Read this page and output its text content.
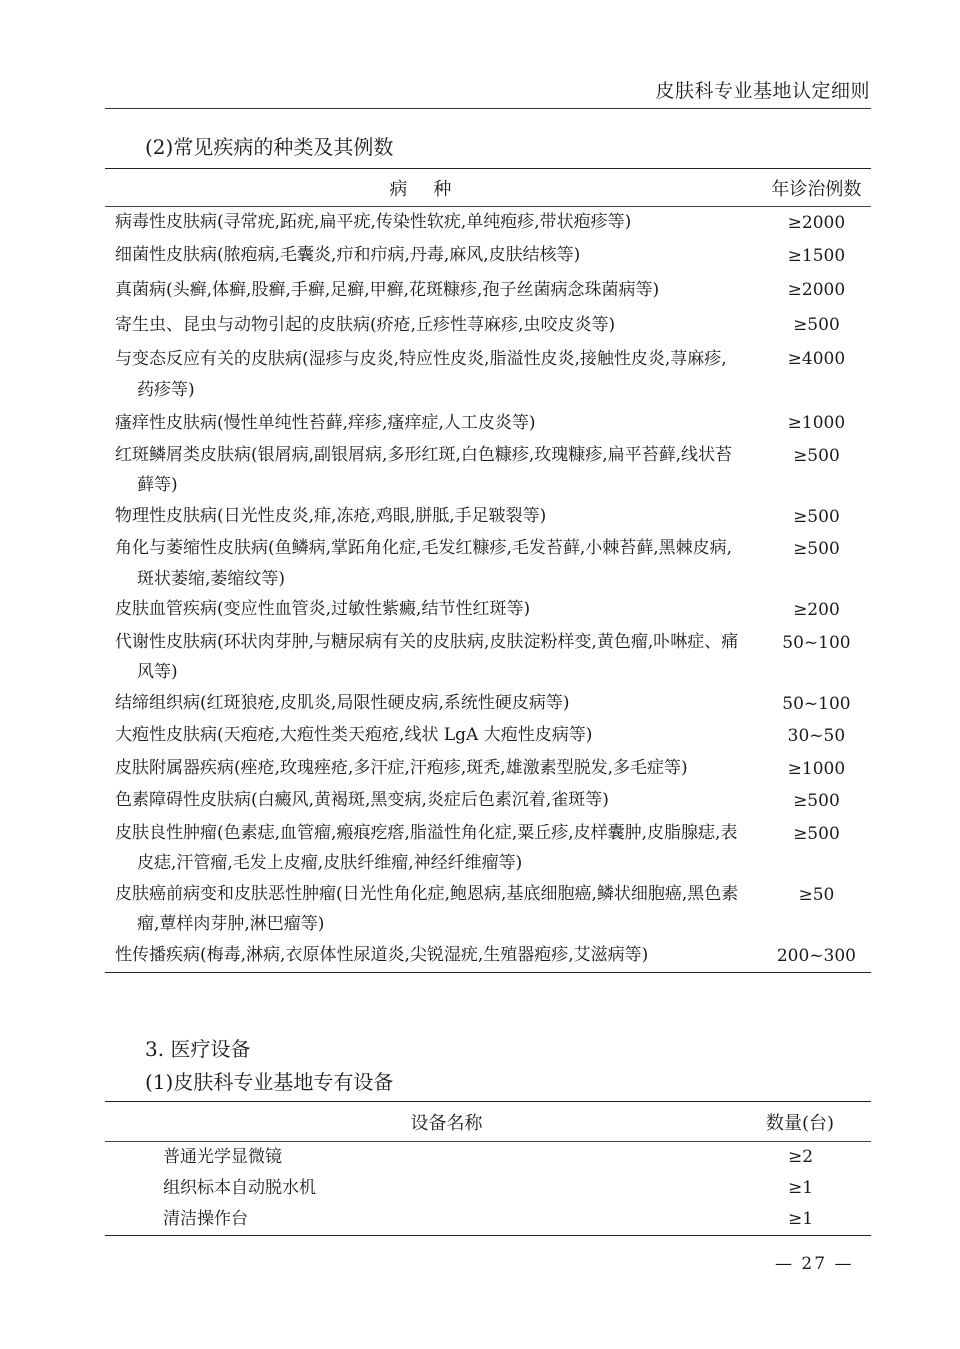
皮肤科专业基地认定细则
(2)常见疾病的种类及其例数
病种	年诊治例数
病毒性皮肤病(寻常疣,跖疣,扁平疣,传染性软疣,单纯疱疹,带状疱疹等)	≥2000
细菌性皮肤病(脓疱病,毛囊炎,疖和疖病,丹毒,麻风,皮肤结核等)	≥1500
真菌病(头癣,体癣,股癣,手癣,足癣,甲癣,花斑糠疹,孢子丝菌病念珠菌病等)	≥2000
寄生虫、昆虫与动物引起的皮肤病(疥疮,丘疹性荨麻疹,虫咬皮炎等)	≥500
与变态反应有关的皮肤病(湿疹与皮炎,特应性皮炎,脂溢性皮炎,接触性皮炎,荨麻疹,药疹等)	≥4000
瘙痒性皮肤病(慢性单纯性苔藓,痒疹,瘙痒症,人工皮炎等)	≥1000
红斑鳞屑类皮肤病(银屑病,副银屑病,多形红斑,白色糠疹,玫瑰糠疹,扁平苔藓,线状苔藓等)	≥500
物理性皮肤病(日光性皮炎,痱,冻疮,鸡眼,胼胝,手足皲裂等)	≥500
角化与萎缩性皮肤病(鱼鳞病,掌跖角化症,毛发红糠疹,毛发苔藓,小棘苔藓,黑棘皮病,斑状萎缩,萎缩纹等)	≥500
皮肤血管疾病(变应性血管炎,过敏性紫癜,结节性红斑等)	≥200
代谢性皮肤病(环状肉芽肿,与糖尿病有关的皮肤病,皮肤淀粉样变,黄色瘤,卟啉症、痛风等)	50~100
结缔组织病(红斑狼疮,皮肌炎,局限性硬皮病,系统性硬皮病等)	50~100
大疱性皮肤病(天疱疮,大疱性类天疱疮,线状 LgA 大疱性皮病等)	30~50
皮肤附属器疾病(痤疮,玫瑰痤疮,多汗症,汗疱疹,斑秃,雄激素型脱发,多毛症等)	≥1000
色素障碍性皮肤病(白癜风,黄褐斑,黑变病,炎症后色素沉着,雀斑等)	≥500
皮肤良性肿瘤(色素痣,血管瘤,瘢痕疙瘩,脂溢性角化症,粟丘疹,皮样囊肿,皮脂腺痣,表皮痣,汗管瘤,毛发上皮瘤,皮肤纤维瘤,神经纤维瘤等)	≥500
皮肤癌前病变和皮肤恶性肿瘤(日光性角化症,鲍恩病,基底细胞癌,鳞状细胞癌,黑色素瘤,蕈样肉芽肿,淋巴瘤等)	≥50
性传播疾病(梅毒,淋病,衣原体性尿道炎,尖锐湿疣,生殖器疱疹,艾滋病等)	200~300
3. 医疗设备
(1)皮肤科专业基地专有设备
设备名称	数量(台)
普通光学显微镜	≥2
组织标本自动脱水机	≥1
清洁操作台	≥1
— 27 —
